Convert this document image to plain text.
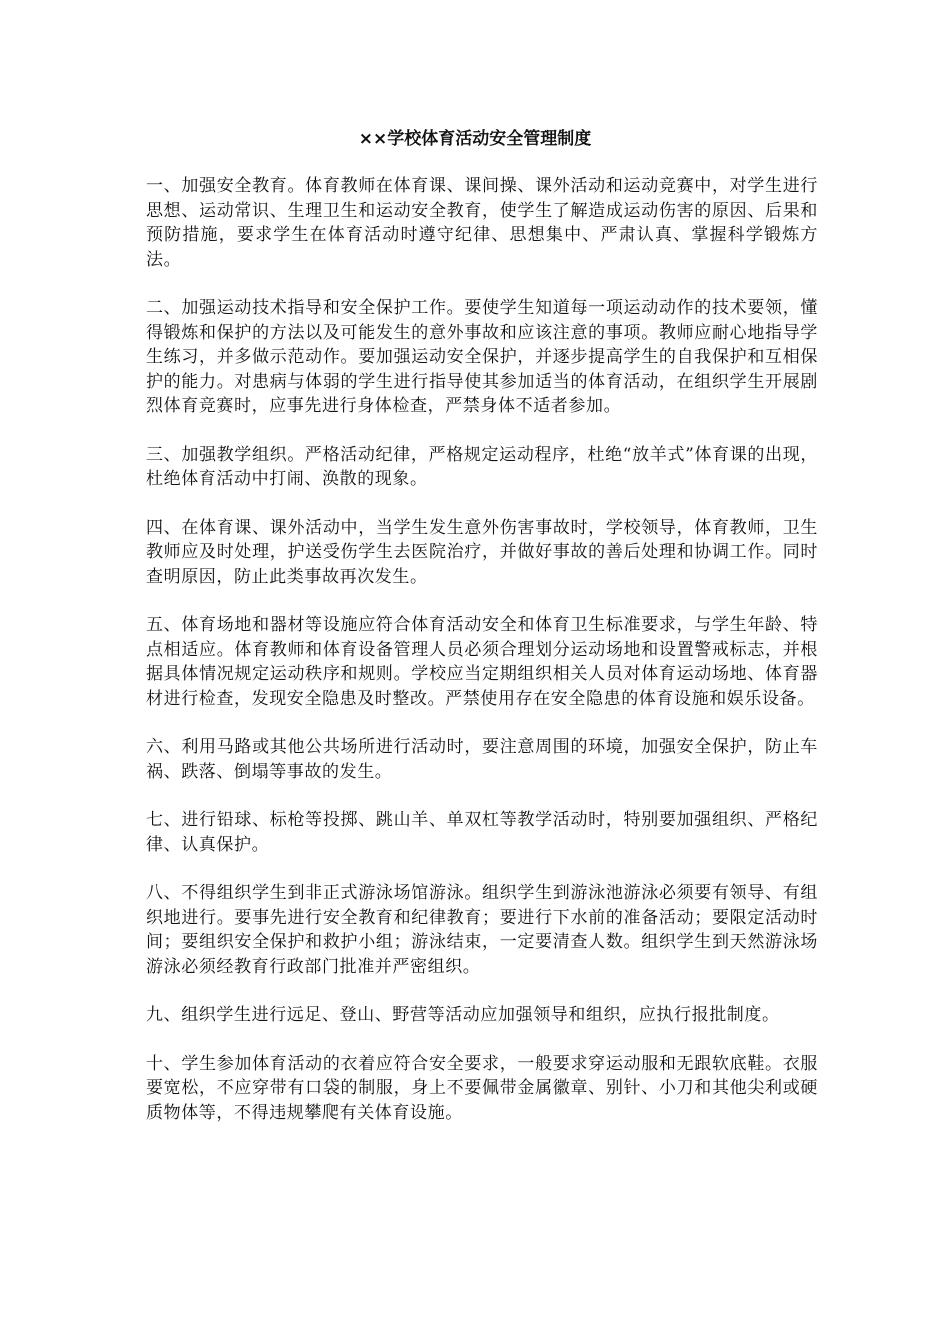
××学校体育活动安全管理制度

一、加强安全教育。体育教师在体育课、课间操、课外活动和运动竞赛中，对学生进行思想、运动常识、生理卫生和运动安全教育，使学生了解造成运动伤害的原因、后果和预防措施，要求学生在体育活动时遵守纪律、思想集中、严肃认真、掌握科学锻炼方法。

二、加强运动技术指导和安全保护工作。要使学生知道每一项运动动作的技术要领，懂得锻炼和保护的方法以及可能发生的意外事故和应该注意的事项。教师应耐心地指导学生练习，并多做示范动作。要加强运动安全保护，并逐步提高学生的自我保护和互相保护的能力。对患病与体弱的学生进行指导使其参加适当的体育活动，在组织学生开展剧烈体育竞赛时，应事先进行身体检查，严禁身体不适者参加。

三、加强教学组织。严格活动纪律，严格规定运动程序，杜绝“放羊式”体育课的出现，杜绝体育活动中打闹、涣散的现象。

四、在体育课、课外活动中，当学生发生意外伤害事故时，学校领导，体育教师，卫生教师应及时处理，护送受伤学生去医院治疗，并做好事故的善后处理和协调工作。同时查明原因，防止此类事故再次发生。

五、体育场地和器材等设施应符合体育活动安全和体育卫生标准要求，与学生年龄、特点相适应。体育教师和体育设备管理人员必须合理划分运动场地和设置警戒标志，并根据具体情况规定运动秩序和规则。学校应当定期组织相关人员对体育运动场地、体育器材进行检查，发现安全隐患及时整改。严禁使用存在安全隐患的体育设施和娱乐设备。

六、利用马路或其他公共场所进行活动时，要注意周围的环境，加强安全保护，防止车祸、跌落、倒塌等事故的发生。

七、进行铅球、标枪等投掷、跳山羊、单双杠等教学活动时，特别要加强组织、严格纪律、认真保护。

八、不得组织学生到非正式游泳场馆游泳。组织学生到游泳池游泳必须要有领导、有组织地进行。要事先进行安全教育和纪律教育；要进行下水前的准备活动；要限定活动时间；要组织安全保护和救护小组；游泳结束，一定要清查人数。组织学生到天然游泳场游泳必须经教育行政部门批准并严密组织。

九、组织学生进行远足、登山、野营等活动应加强领导和组织，应执行报批制度。

十、学生参加体育活动的衣着应符合安全要求，一般要求穿运动服和无跟软底鞋。衣服要宽松，不应穿带有口袋的制服，身上不要佩带金属徽章、别针、小刀和其他尖利或硬质物体等，不得违规攀爬有关体育设施。
